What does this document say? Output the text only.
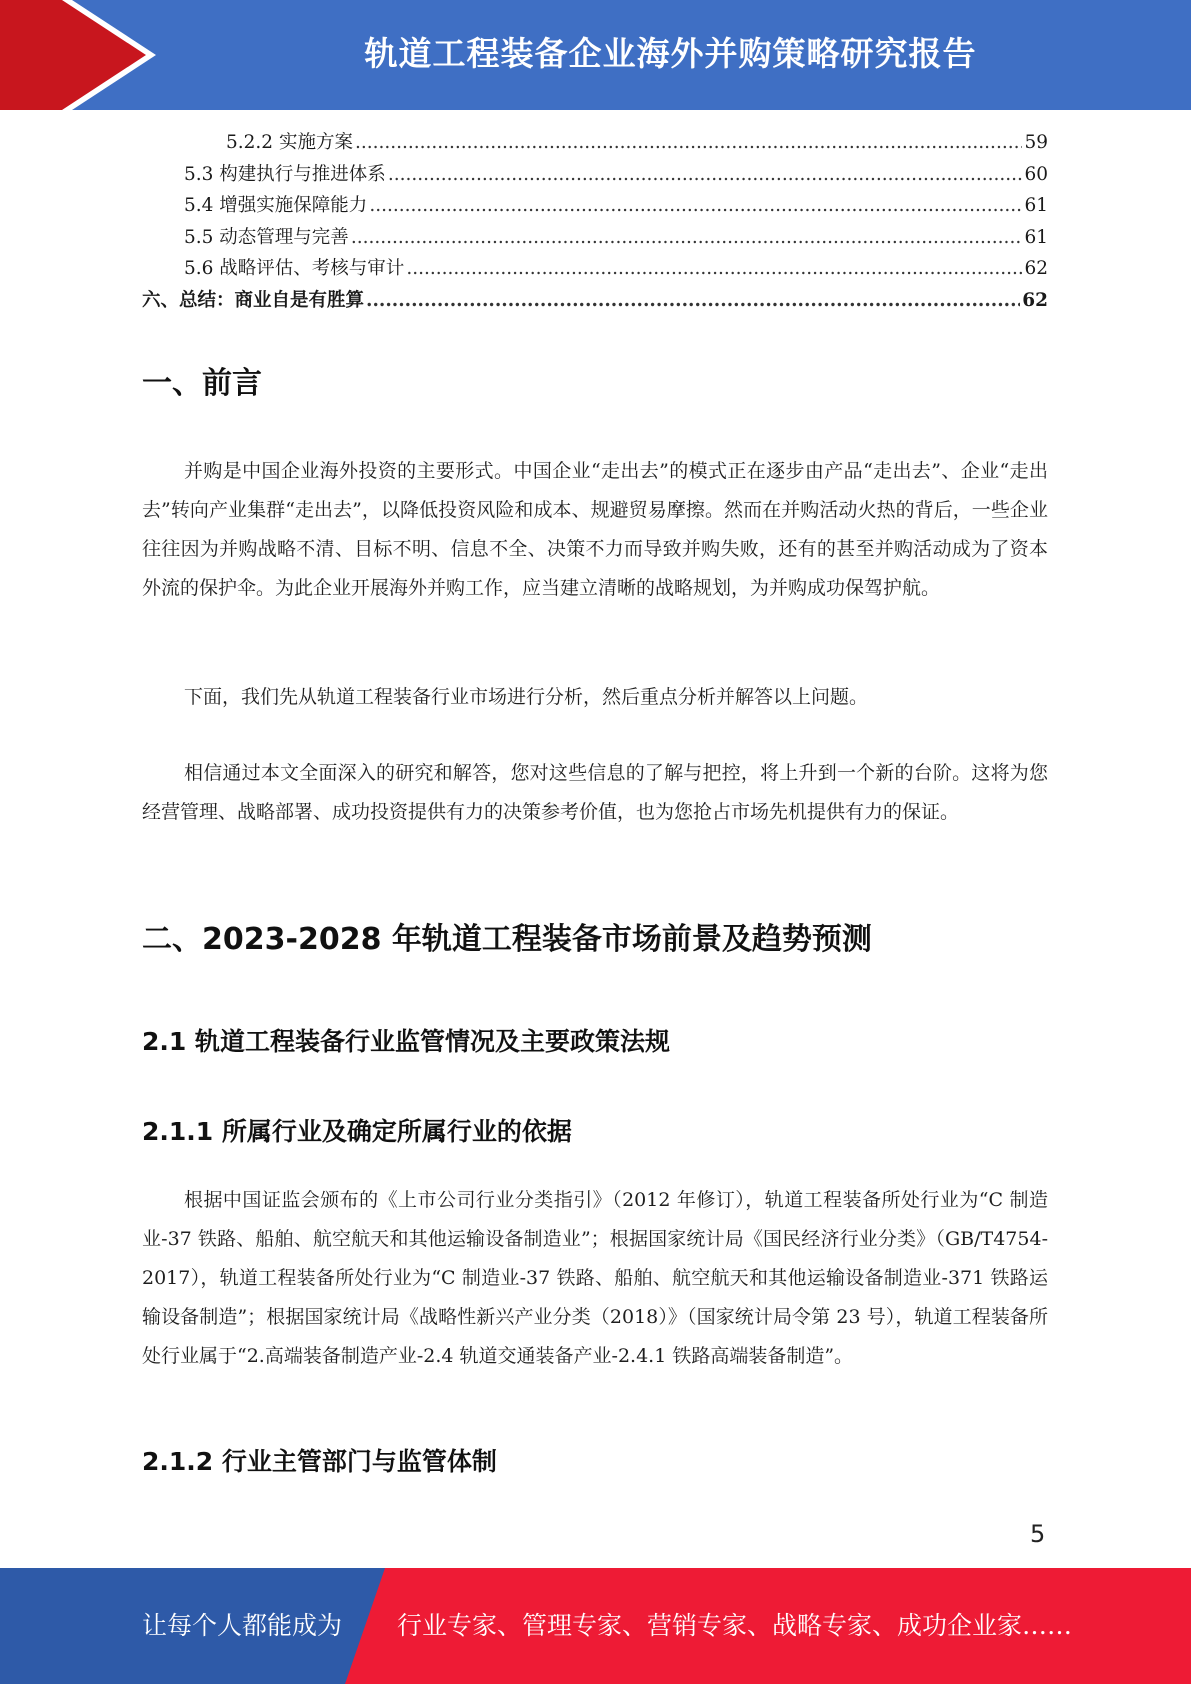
轨道工程装备企业海外并购策略研究报告
5.2.2 实施方案 .....	59
5.3 构建执行与推进体系 .....	60
5.4 增强实施保障能力 .....	61
5.5 动态管理与完善 .....	61
5.6 战略评估、考核与审计 .....	62
六、总结：商业自是有胜算 .....	62
一、前言

并购是中国企业海外投资的主要形式。中国企业“走出去”的模式正在逐步由产品“走出去”、企业“走出去”转向产业集群“走出去”，以降低投资风险和成本、规避贸易摩擦。然而在并购活动火热的背后，一些企业往往因为并购战略不清、目标不明、信息不全、决策不力而导致并购失败，还有的甚至并购活动成为了资本外流的保护伞。为此企业开展海外并购工作，应当建立清晰的战略规划，为并购成功保驾护航。

下面，我们先从轨道工程装备行业市场进行分析，然后重点分析并解答以上问题。

相信通过本文全面深入的研究和解答，您对这些信息的了解与把控，将上升到一个新的台阶。这将为您经营管理、战略部署、成功投资提供有力的决策参考价值，也为您抢占市场先机提供有力的保证。

二、2023-2028 年轨道工程装备市场前景及趋势预测
2.1 轨道工程装备行业监管情况及主要政策法规
2.1.1 所属行业及确定所属行业的依据

根据中国证监会颁布的《上市公司行业分类指引》（2012 年修订），轨道工程装备所处行业为“C 制造业-37 铁路、船舶、航空航天和其他运输设备制造业”；根据国家统计局《国民经济行业分类》（GB/T4754-2017），轨道工程装备所处行业为“C 制造业-37 铁路、船舶、航空航天和其他运输设备制造业-371 铁路运输设备制造”；根据国家统计局《战略性新兴产业分类（2018）》（国家统计局令第 23 号），轨道工程装备所处行业属于“2.高端装备制造产业-2.4 轨道交通装备产业-2.4.1 铁路高端装备制造”。

2.1.2 行业主管部门与监管体制
5
让每个人都能成为 行业专家、管理专家、营销专家、战略专家、成功企业家……
